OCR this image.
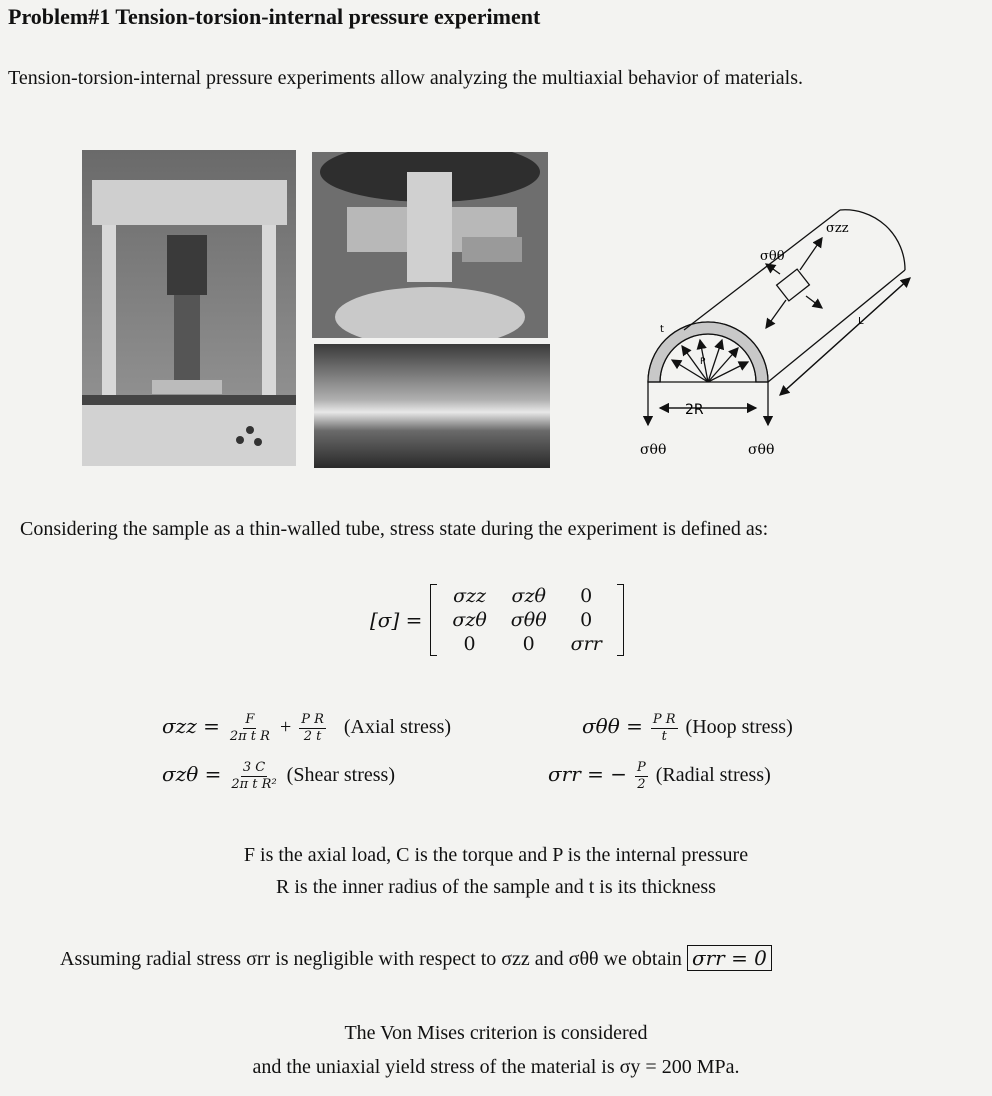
Problem#1 Tension-torsion-internal pressure experiment
Tension-torsion-internal pressure experiments allow analyzing the multiaxial behavior of materials.
σzz
σθθ
t
P
L
2R
σθθ	σθθ
Considering the sample as a thin-walled tube, stress state during the experiment is defined as:
[σ] =
σzz	σzθ	0
σzθ	σθθ	0
0	0	σrr
$\sigma zz = \frac{F}{\text{2π t R}} + \frac{\text{P R}}{2 t}$ (Axial stress)	$\sigma\theta\theta = \frac{\text{P R}}{t}$ (Hoop stress)
$\sigma z\theta = \frac{3 C}{\text{2π t R²}}$ (Shear stress)	σrr = − $\frac{P}{2}$ (Radial stress)
F is the axial load, C is the torque and P is the internal pressure
R is the inner radius of the sample and t is its thickness
Assuming radial stress σrr is negligible with respect to σzz and σθθ we obtain σrr = 0
The Von Mises criterion is considered
and the uniaxial yield stress of the material is σy = 200 MPa.
